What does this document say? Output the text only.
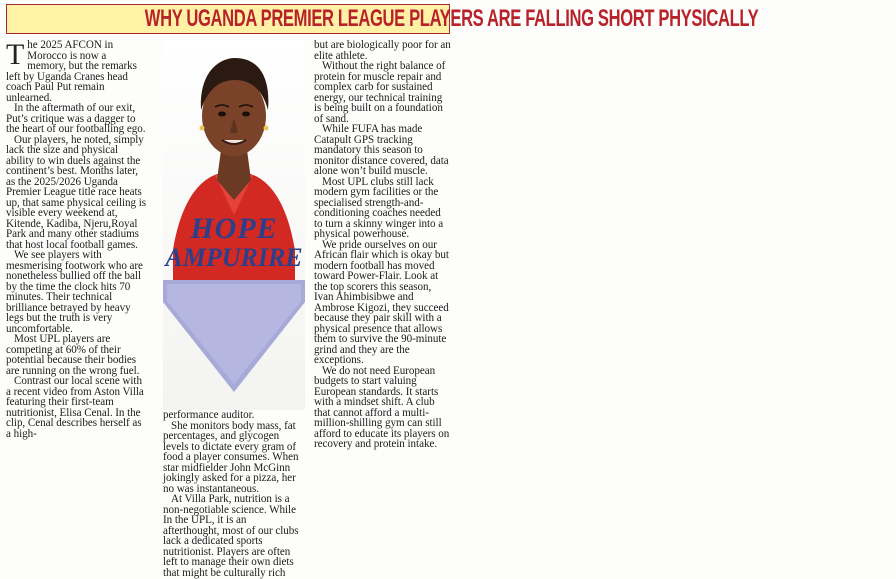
WHY UGANDA PREMIER LEAGUE PLAYERS ARE FALLING SHORT PHYSICALLY

The 2025 AFCON in Morocco is now a memory, but the remarks left by Uganda Cranes head coach Paul Put remain unlearned.

In the aftermath of our exit, Put’s critique was a dagger to the heart of our footballing ego.

Our players, he noted, simply lack the size and physical ability to win duels against the continent’s best. Months later, as the 2025/2026 Uganda Premier League title race heats up, that same physical ceiling is visible every weekend at, Kitende, Kadiba, Njeru,Royal Park and many other stadiums that host local football games.

We see players with mesmerising footwork who are nonetheless bullied off the ball by the time the clock hits 70 minutes. Their technical brilliance betrayed by heavy legs but the truth is very uncomfortable.

Most UPL players are competing at 60% of their potential because their bodies are running on the wrong fuel.

Contrast our local scene with a recent video from Aston Villa featuring their first-team nutritionist, Elisa Cenal. In the clip, Cenal describes herself as a high-

HOPE
AMPURIRE

performance auditor.

She monitors body mass, fat percentages, and glycogen levels to dictate every gram of food a player consumes. When star midfielder John McGinn jokingly asked for a pizza, her no was instantaneous.

At Villa Park, nutrition is a non-negotiable science. While In the UPL, it is an afterthought, most of our clubs lack a dedicated sports nutritionist. Players are often left to manage their own diets that might be culturally rich

but are biologically poor for an elite athlete.

Without the right balance of protein for muscle repair and complex carb for sustained energy, our technical training is being built on a foundation of sand.

While FUFA has made Catapult GPS tracking mandatory this season to monitor distance covered, data alone won’t build muscle.

Most UPL clubs still lack modern gym facilities or the specialised strength-and-conditioning coaches needed to turn a skinny winger into a physical powerhouse.

We pride ourselves on our African flair which is okay but modern football has moved toward Power-Flair. Look at the top scorers this season, Ivan Ahimbisibwe and Ambrose Kigozi, they succeed because they pair skill with a physical presence that allows them to survive the 90-minute grind and they are the exceptions.

We do not need European budgets to start valuing European standards. It starts with a mindset shift. A club that cannot afford a multi-million-shilling gym can still afford to educate its players on recovery and protein intake.
